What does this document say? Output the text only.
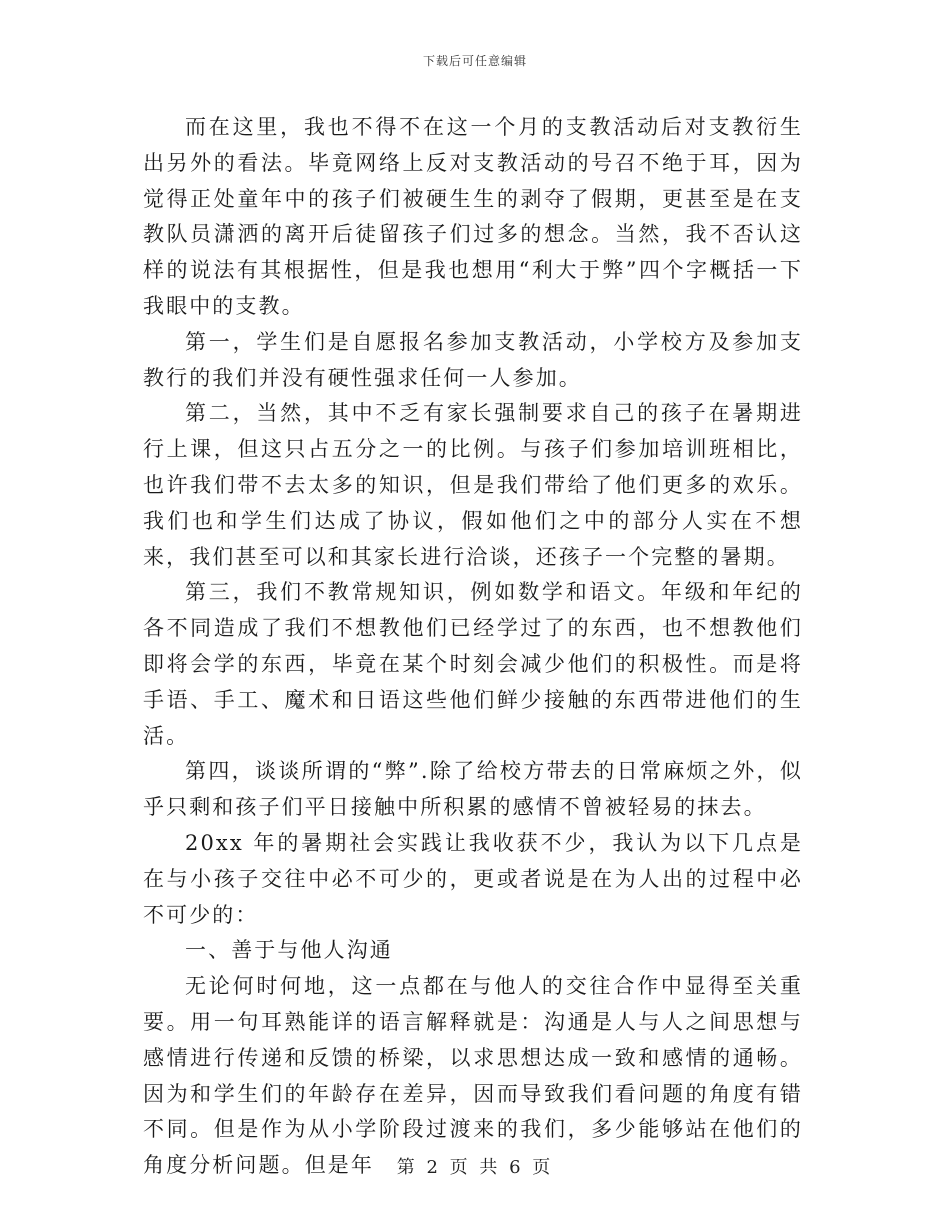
下载后可任意编辑

而在这里，我也不得不在这一个月的支教活动后对支教衍生出另外的看法。毕竟网络上反对支教活动的号召不绝于耳，因为觉得正处童年中的孩子们被硬生生的剥夺了假期，更甚至是在支教队员潇洒的离开后徒留孩子们过多的想念。当然，我不否认这样的说法有其根据性，但是我也想用“利大于弊”四个字概括一下我眼中的支教。

第一，学生们是自愿报名参加支教活动，小学校方及参加支教行的我们并没有硬性强求任何一人参加。

第二，当然，其中不乏有家长强制要求自己的孩子在暑期进行上课，但这只占五分之一的比例。与孩子们参加培训班相比，也许我们带不去太多的知识，但是我们带给了他们更多的欢乐。我们也和学生们达成了协议，假如他们之中的部分人实在不想来，我们甚至可以和其家长进行洽谈，还孩子一个完整的暑期。

第三，我们不教常规知识，例如数学和语文。年级和年纪的各不同造成了我们不想教他们已经学过了的东西，也不想教他们即将会学的东西，毕竟在某个时刻会减少他们的积极性。而是将手语、手工、魔术和日语这些他们鲜少接触的东西带进他们的生活。

第四，谈谈所谓的“弊”.除了给校方带去的日常麻烦之外，似乎只剩和孩子们平日接触中所积累的感情不曾被轻易的抹去。

20xx 年的暑期社会实践让我收获不少，我认为以下几点是在与小孩子交往中必不可少的，更或者说是在为人出的过程中必不可少的：

一、善于与他人沟通

无论何时何地，这一点都在与他人的交往合作中显得至关重要。用一句耳熟能详的语言解释就是：沟通是人与人之间思想与感情进行传递和反馈的桥梁，以求思想达成一致和感情的通畅。因为和学生们的年龄存在差异，因而导致我们看问题的角度有错不同。但是作为从小学阶段过渡来的我们，多少能够站在他们的角度分析问题。但是年	第 2 页 共 6 页
